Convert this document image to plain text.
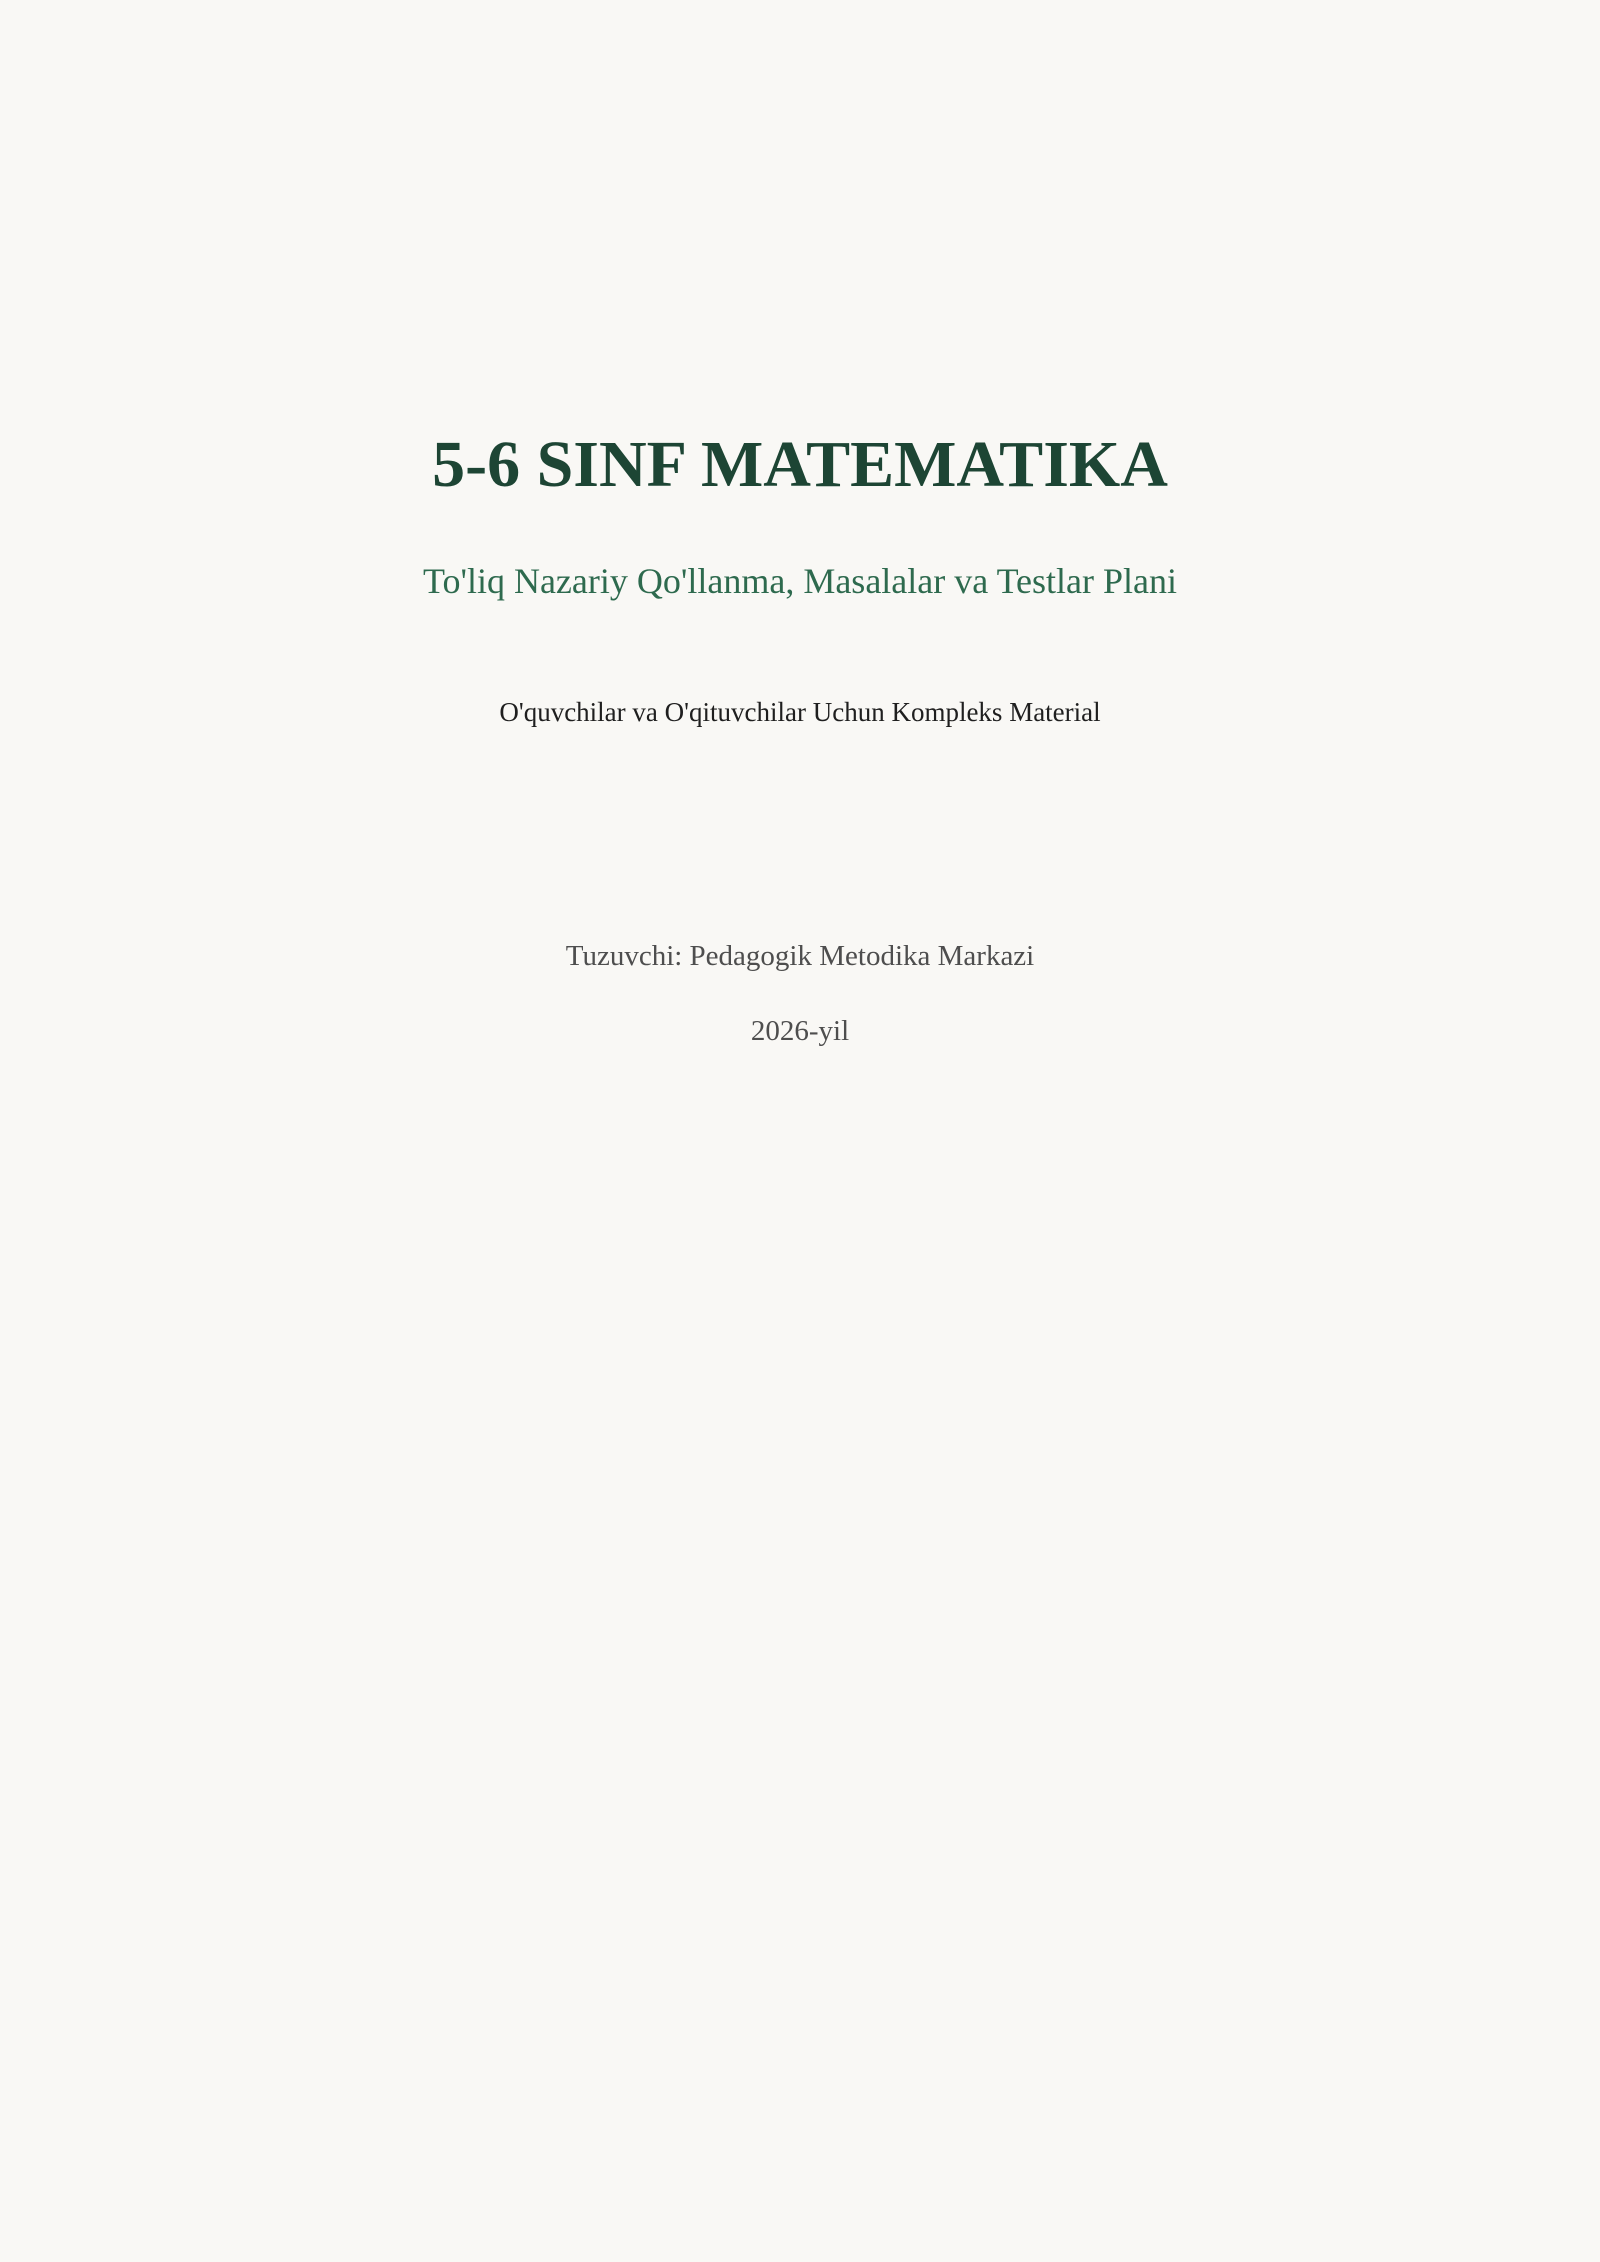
5-6 SINF MATEMATIKA
To'liq Nazariy Qo'llanma, Masalalar va Testlar Plani
O'quvchilar va O'qituvchilar Uchun Kompleks Material
Tuzuvchi: Pedagogik Metodika Markazi
2026-yil
